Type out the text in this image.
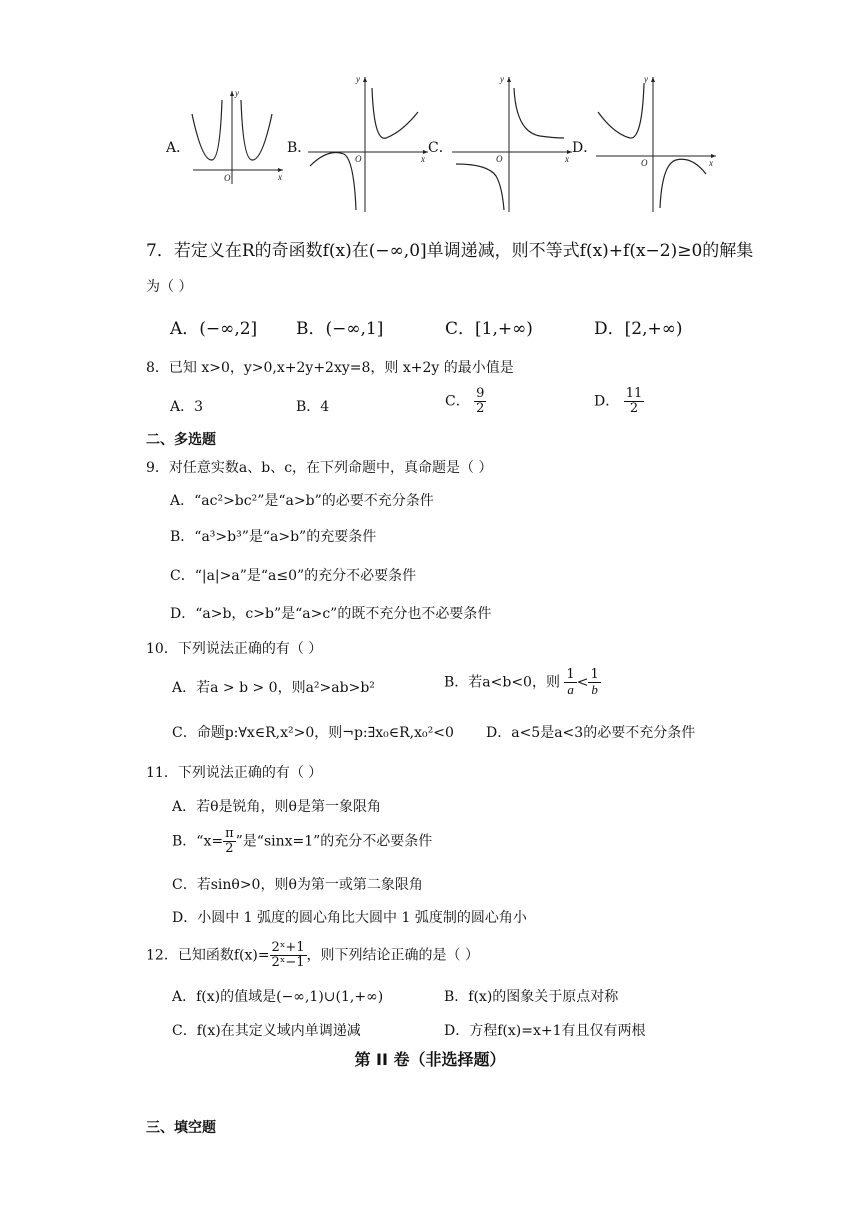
A．
y
x
O
B．
y
x
O
C．
y
x
O
D．
y
x
O
7．若定义在R的奇函数f(x)在(−∞,0]单调递减，则不等式f(x)+f(x−2)≥0的解集
为（ ）
A．(−∞,2] B．(−∞,1]	C．[1,+∞)	D．[2,+∞)
8．已知 x>0，y>0,x+2y+2xy=8，则 x+2y 的最小值是
A．3	B．4	C． $\frac{9}{2}$	D． $\frac{11}{2}$
二、多选题
9．对任意实数a、b、c，在下列命题中，真命题是（ ）
A．“ac²>bc²”是“a>b”的必要不充分条件
B．“a³>b³”是“a>b”的充要条件
C．“|a|>a”是“a≤0”的充分不必要条件
D．“a>b，c>b”是“a>c”的既不充分也不必要条件
10．下列说法正确的有（ ）
A．若a > b > 0，则a²>ab>b²	B．若a<b<0，则 $\frac{1}{a} < \frac{1}{b}$
C．命题p:∀x∈R,x²>0，则¬p:∃x₀∈R,x₀²<0 D．a<5是a<3的必要不充分条件
11．下列说法正确的有（ ）
A．若θ是锐角，则θ是第一象限角
B．“$x= \frac{\pi}{2}$ ”是“sinx=1”的充分不必要条件
C．若sinθ>0，则θ为第一或第二象限角
D．小圆中 1 弧度的圆心角比大圆中 1 弧度制的圆心角小
12．已知函数$f(x)= \frac{\text{2ˣ+1}}{\text{2ˣ−1}}$ ，则下列结论正确的是（ ）
A．f(x)的值域是(−∞,1)∪(1,+∞)	B．f(x)的图象关于原点对称
C．f(x)在其定义域内单调递减	D．方程f(x)=x+1有且仅有两根
第 II 卷（非选择题）
三、填空题
